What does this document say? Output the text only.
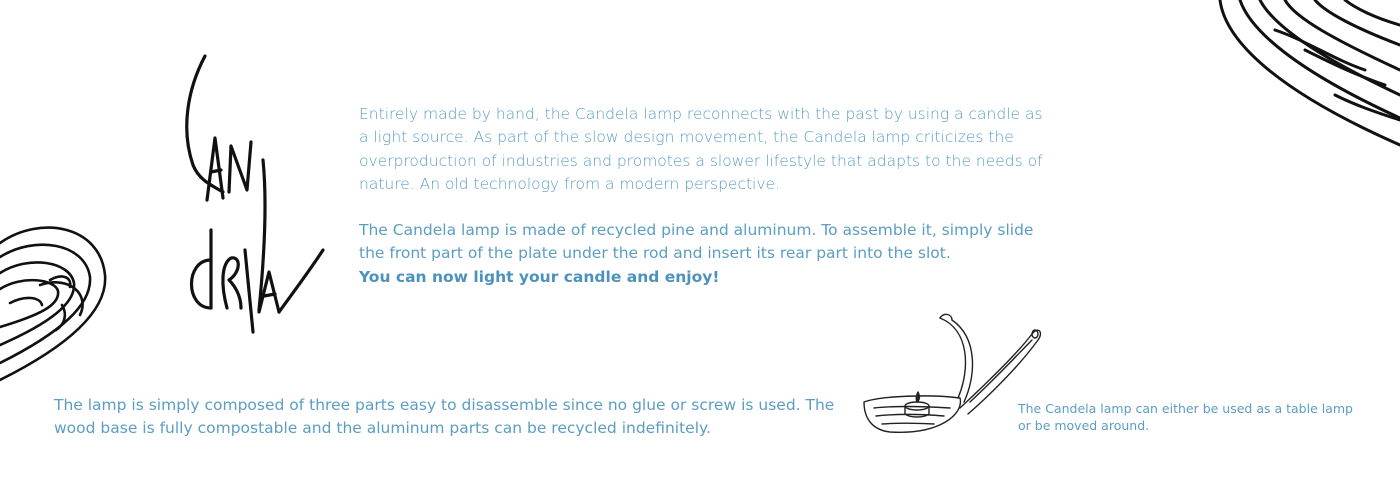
Entirely made by hand, the Candela lamp reconnects with the past by using a candle as a light source. As part of the slow design movement, the Candela lamp criticizes the overproduction of industries and promotes a slower lifestyle that adapts to the needs of nature. An old technology from a modern perspective.

The Candela lamp is made of recycled pine and aluminum. To assemble it, simply slide the front part of the plate under the rod and insert its rear part into the slot.
You can now light your candle and enjoy!

The lamp is simply composed of three parts easy to disassemble since no glue or screw is used. The wood base is fully compostable and the aluminum parts can be recycled indefinitely.

The Candela lamp can either be used as a table lamp or be moved around.
